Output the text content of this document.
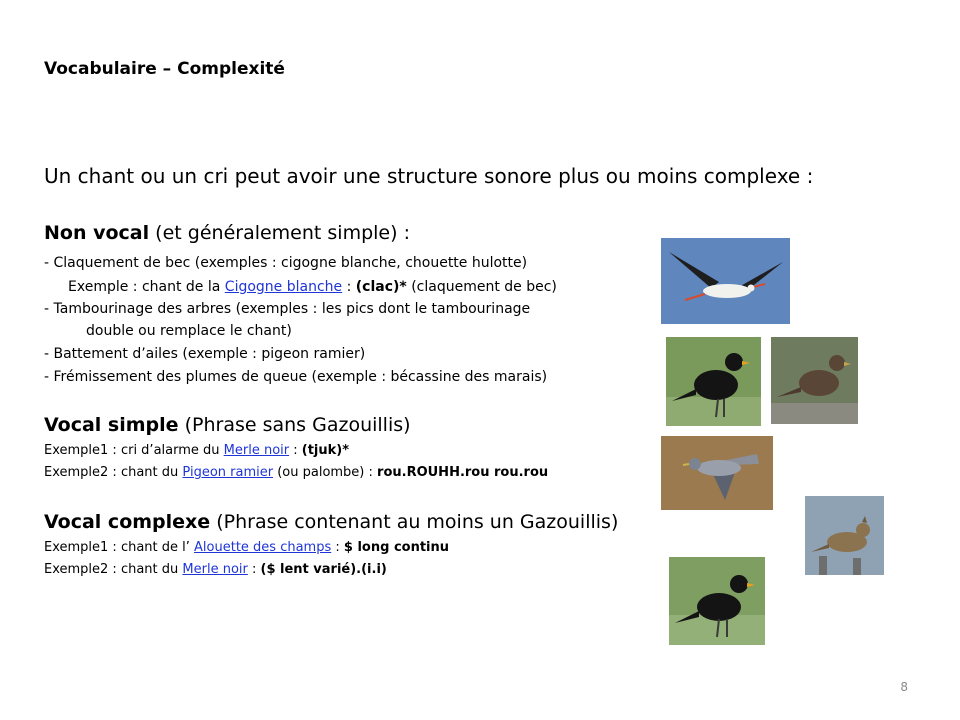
Vocabulaire – Complexité
Un chant ou un cri peut avoir une structure sonore plus ou moins complexe :
Non vocal (et généralement simple) :
- Claquement de bec (exemples : cigogne blanche, chouette hulotte)
Exemple : chant de la Cigogne blanche : (clac)* (claquement de bec)
- Tambourinage des arbres (exemples : les pics dont le tambourinage
double ou remplace le chant)
- Battement d’ailes (exemple : pigeon ramier)
- Frémissement des plumes de queue (exemple : bécassine des marais)
Vocal simple (Phrase sans Gazouillis)
Exemple1 : cri d’alarme du Merle noir : (tjuk)*
Exemple2 : chant du Pigeon ramier (ou palombe) : rou.ROUHH.rou rou.rou
Vocal complexe (Phrase contenant au moins un Gazouillis)
Exemple1 : chant de l’ Alouette des champs : $ long continu
Exemple2 : chant du Merle noir : ($ lent varié).(i.i)
8
